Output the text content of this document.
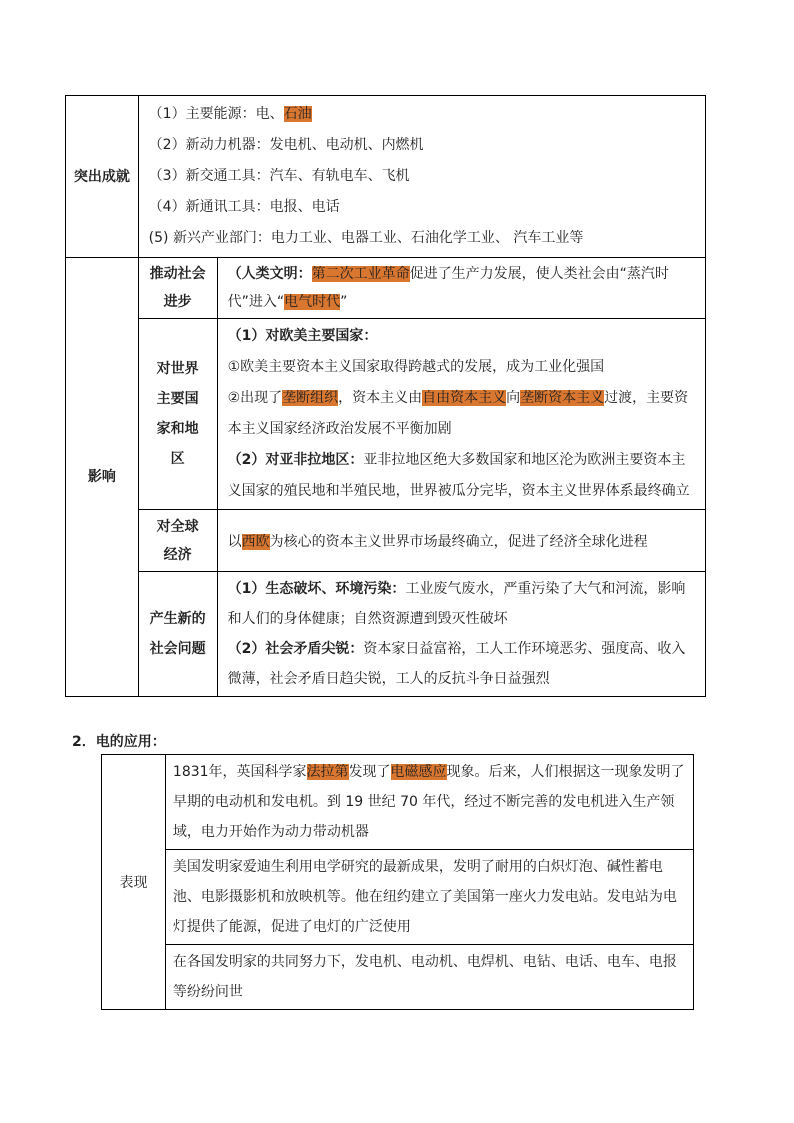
突出成就	（1）主要能源：电、石油
（2）新动力机器：发电机、电动机、内燃机
（3）新交通工具：汽车、有轨电车、飞机
（4）新通讯工具：电报、电话
(5) 新兴产业部门：电力工业、电器工业、石油化学工业、 汽车工业等	

影响	推动社会进步	（人类文明：第二次工业革命促进了生产力发展，使人类社会由“蒸汽时代”进入“电气时代”
	对世界主要国家和地区	（1）对欧美主要国家：
①欧美主要资本主义国家取得跨越式的发展，成为工业化强国
②出现了垄断组织，资本主义由自由资本主义向垄断资本主义过渡，主要资本主义国家经济政治发展不平衡加剧
（2）对亚非拉地区：亚非拉地区绝大多数国家和地区沦为欧洲主要资本主义国家的殖民地和半殖民地，世界被瓜分完毕，资本主义世界体系最终确立

	对全球经济	以西欧为核心的资本主义世界市场最终确立，促进了经济全球化进程
	产生新的社会问题	（1）生态破坏、环境污染：工业废气废水，严重污染了大气和河流，影响和人们的身体健康；自然资源遭到毁灭性破坏
（2）社会矛盾尖锐：资本家日益富裕，工人工作环境恶劣、强度高、收入微薄，社会矛盾日趋尖锐，工人的反抗斗争日益强烈
2．电的应用：
表现	1831年，英国科学家法拉第发现了电磁感应现象。后来，人们根据这一现象发明了早期的电动机和发电机。到 19 世纪 70 年代，经过不断完善的发电机进入生产领域，电力开始作为动力带动机器
美国发明家爱迪生利用电学研究的最新成果，发明了耐用的白炽灯泡、碱性蓄电池、电影摄影机和放映机等。他在纽约建立了美国第一座火力发电站。发电站为电灯提供了能源，促进了电灯的广泛使用
在各国发明家的共同努力下，发电机、电动机、电焊机、电钻、电话、电车、电报等纷纷问世
